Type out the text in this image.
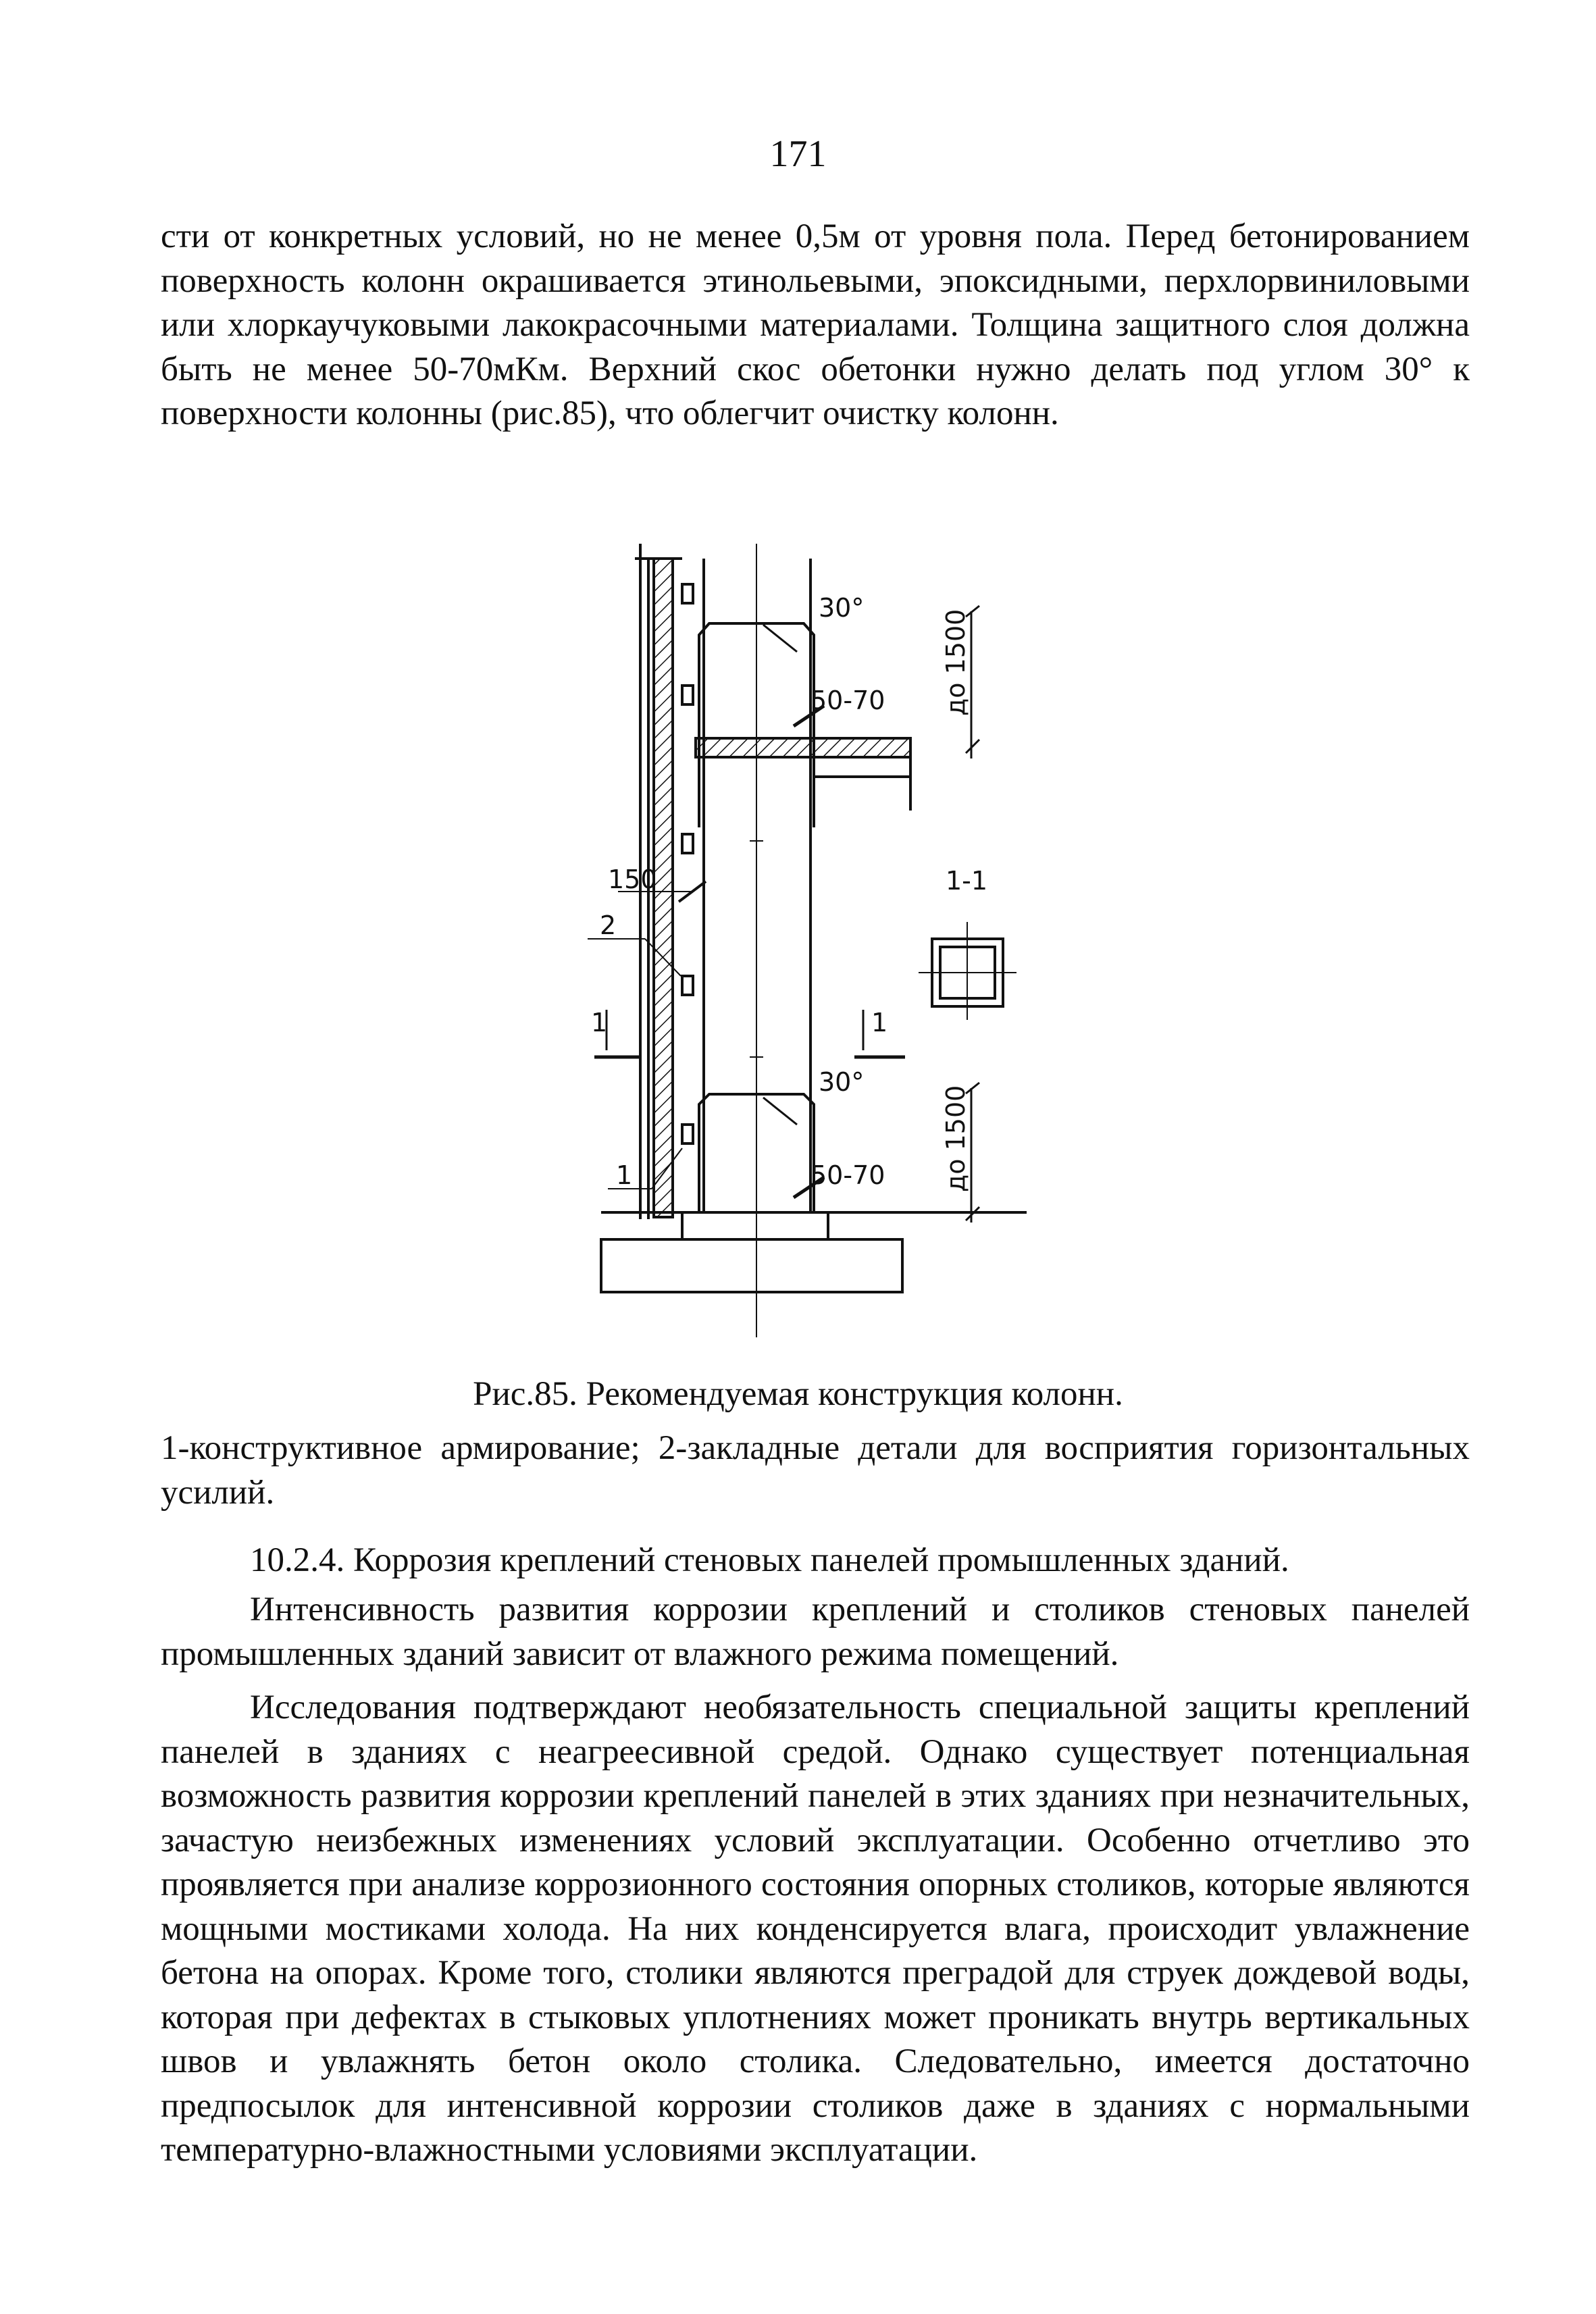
171

сти от конкретных условий, но не менее 0,5м от уровня пола. Перед бетонированием поверхность колонн окрашивается этинольевыми, эпоксидными, перхлорвиниловыми или хлоркаучуковыми лакокрасочными материалами. Толщина защитного слоя должна быть не менее 50-70мКм. Верхний скос обетонки нужно делать под углом 30° к поверхности колонны (рис.85), что облегчит очистку колонн.

30°
50-70
30°
50-70
150
2
1
1	1
1-1
до 1500
до 1500
Рис.85. Рекомендуемая конструкция колонн.

1-конструктивное армирование; 2-закладные детали для восприятия горизонтальных усилий.

10.2.4. Коррозия креплений стеновых панелей промышленных зданий.

Интенсивность развития коррозии креплений и столиков стеновых панелей промышленных зданий зависит от влажного режима помещений.

Исследования подтверждают необязательность специальной защиты креплений панелей в зданиях с неагреесивной средой. Однако существует потенциальная возможность развития коррозии креплений панелей в этих зданиях при незначительных, зачастую неизбежных изменениях условий эксплуатации. Особенно отчетливо это проявляется при анализе коррозионного состояния опорных столиков, которые являются мощными мостиками холода. На них конденсируется влага, происходит увлажнение бетона на опорах. Кроме того, столики являются преградой для струек дождевой воды, которая при дефектах в стыковых уплотнениях может проникать внутрь вертикальных швов и увлажнять бетон около столика. Следовательно, имеется достаточно предпосылок для интенсивной коррозии столиков даже в зданиях с нормальными температурно-влажностными условиями эксплуатации.
